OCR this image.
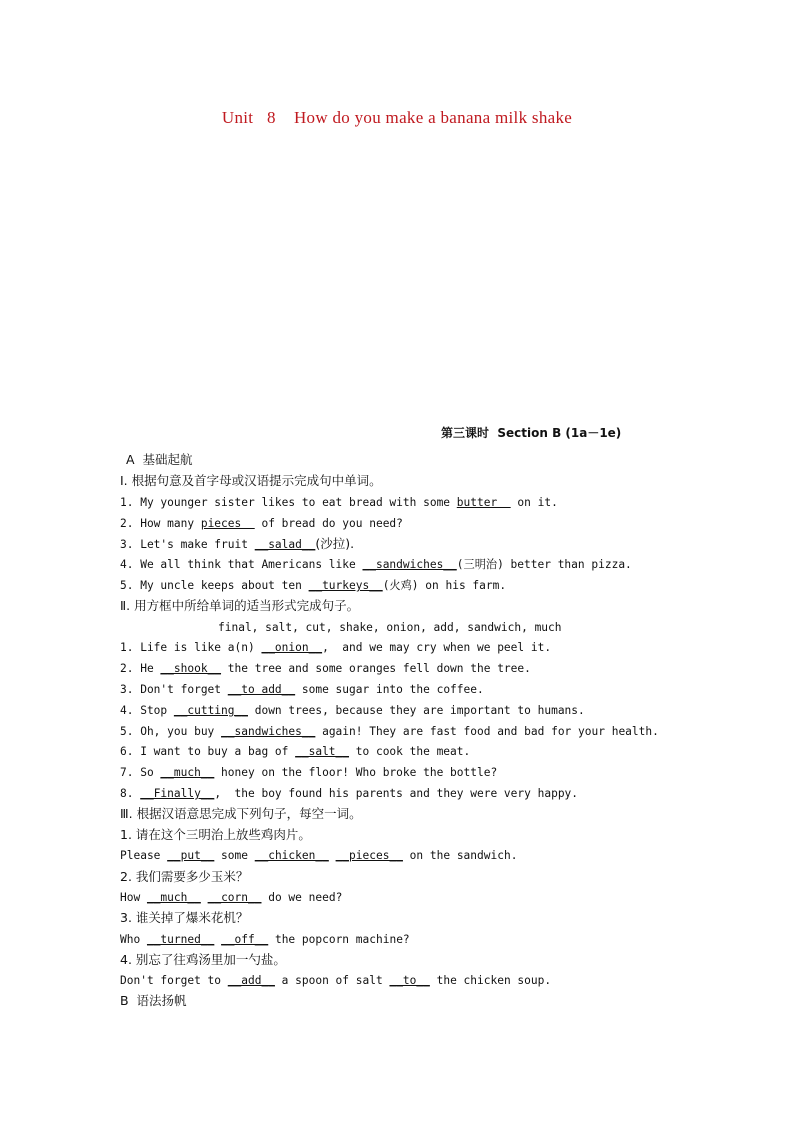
Unit   8    How do you make a banana milk shake
第三课时  Section B (1a－1e)
A  基础起航
Ⅰ. 根据句意及首字母或汉语提示完成句中单词。
1. My younger sister likes to eat bread with some butter   on it.
2. How many pieces   of bread do you need?
3. Let's make fruit __salad__(沙拉).
4. We all think that Americans like __sandwiches__(三明治) better than pizza.
5. My uncle keeps about ten __turkeys__(火鸡) on his farm.
Ⅱ. 用方框中所给单词的适当形式完成句子。
final, salt, cut, shake, onion, add, sandwich, much
1. Life is like a(n) __onion__,  and we may cry when we peel it.
2. He __shook__ the tree and some oranges fell down the tree.
3. Don't forget __to add__ some sugar into the coffee.
4. Stop __cutting__ down trees, because they are important to humans.
5. Oh, you buy __sandwiches__ again! They are fast food and bad for your health.
6. I want to buy a bag of __salt__ to cook the meat.
7. So __much__ honey on the floor! Who broke the bottle?
8. __Finally__,  the boy found his parents and they were very happy.
Ⅲ. 根据汉语意思完成下列句子，每空一词。
1. 请在这个三明治上放些鸡肉片。
Please __put__ some __chicken__ __pieces__ on the sandwich.
2. 我们需要多少玉米？
How __much__ __corn__ do we need?
3. 谁关掉了爆米花机？
Who __turned__ __off__ the popcorn machine?
4. 别忘了往鸡汤里加一勺盐。
Don't forget to __add__ a spoon of salt __to__ the chicken soup.
B  语法扬帆
